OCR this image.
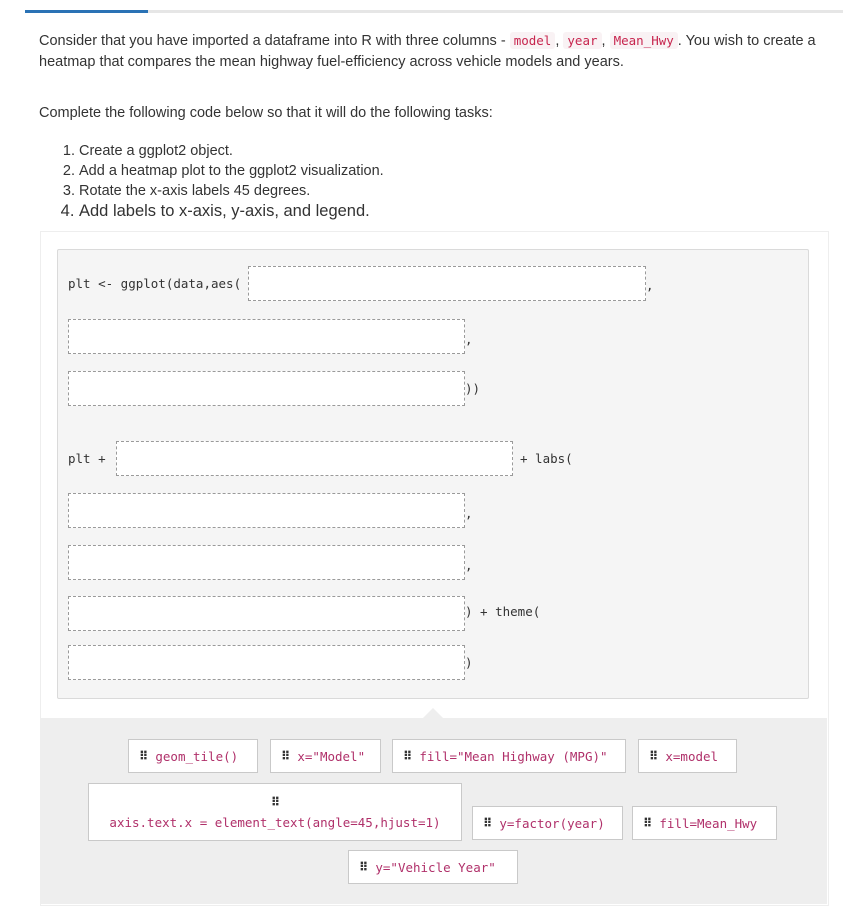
Consider that you have imported a dataframe into R with three columns - model , year , Mean_Hwy . You wish to create a heatmap that compares the mean highway fuel-efficiency across vehicle models and years.
Complete the following code below so that it will do the following tasks:
1. Create a ggplot2 object.
2. Add a heatmap plot to the ggplot2 visualization.
3. Rotate the x-axis labels 45 degrees.
4. Add labels to x-axis, y-axis, and legend.
plt <- ggplot(data,aes(	,
,
))
plt +	+ labs(
,
,
) + theme(
)
⠿ geom_tile()	⠿ x="Model"	⠿ fill="Mean Highway (MPG)"	⠿ x=model
⠿
axis.text.x = element_text(angle=45,hjust=1)	⠿ y=factor(year)	⠿ fill=Mean_Hwy
⠿ y="Vehicle Year"
